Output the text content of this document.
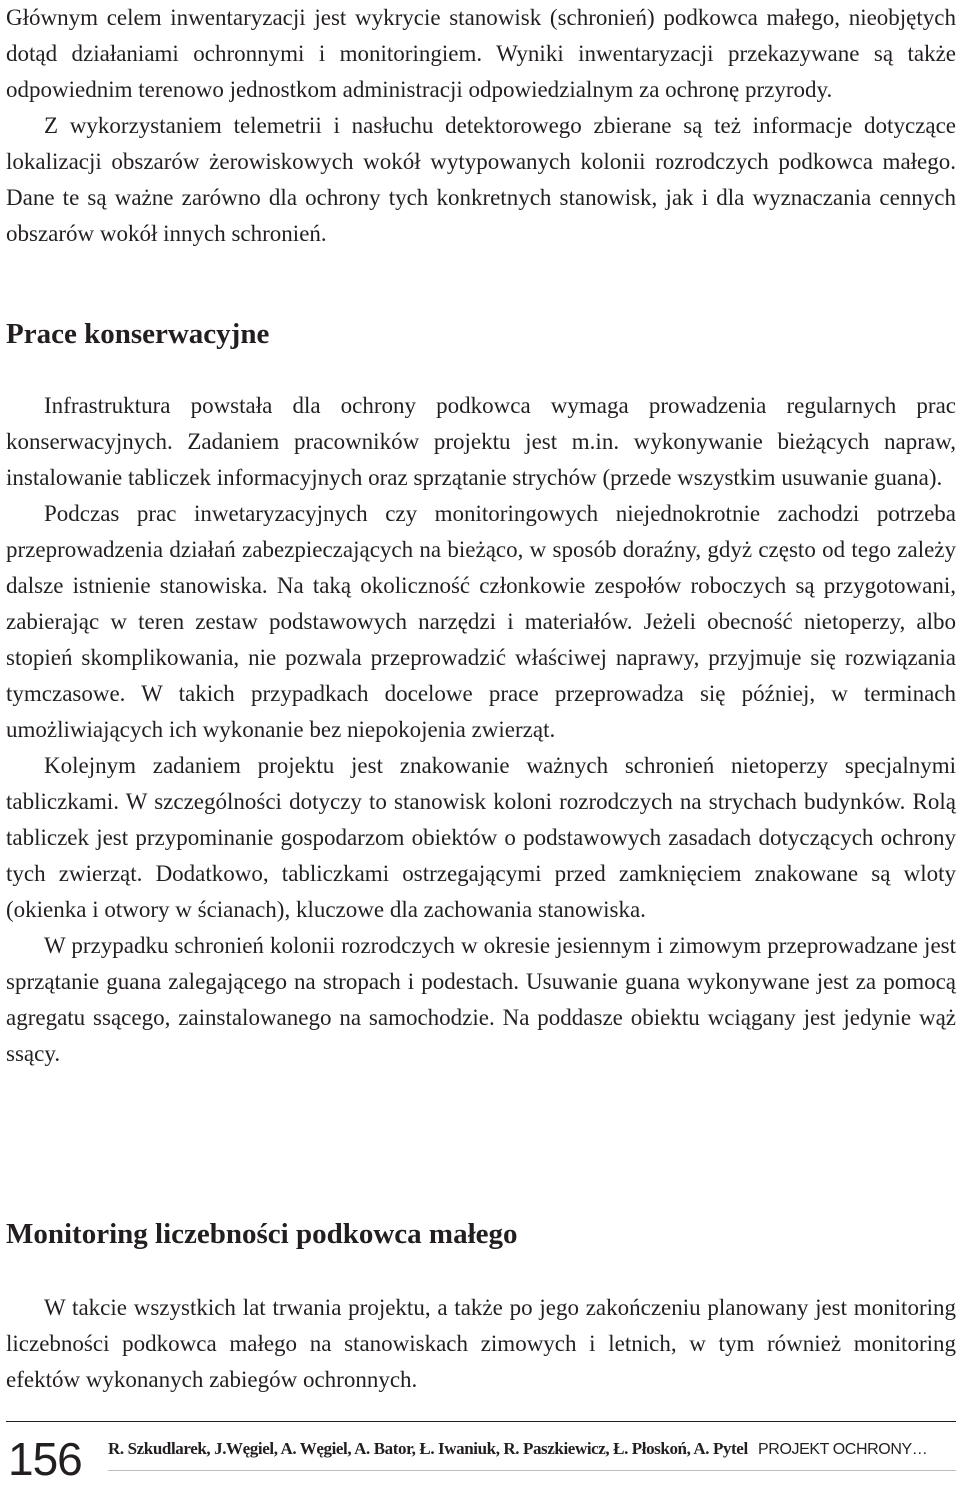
Głównym celem inwentaryzacji jest wykrycie stanowisk (schronień) podkowca małego, nieobjętych dotąd działaniami ochronnymi i monitoringiem. Wyniki inwentaryzacji przekazywane są także odpowiednim terenowo jednostkom administracji odpowiedzialnym za ochronę przyrody.

Z wykorzystaniem telemetrii i nasłuchu detektorowego zbierane są też informacje dotyczące lokalizacji obszarów żerowiskowych wokół wytypowanych kolonii rozrodczych podkowca małego. Dane te są ważne zarówno dla ochrony tych konkretnych stanowisk, jak i dla wyznaczania cennych obszarów wokół innych schronień.

Prace konserwacyjne

Infrastruktura powstała dla ochrony podkowca wymaga prowadzenia regularnych prac konserwacyjnych. Zadaniem pracowników projektu jest m.in. wykonywanie bieżących napraw, instalowanie tabliczek informacyjnych oraz sprzątanie strychów (przede wszystkim usuwanie guana).

Podczas prac inwetaryzacyjnych czy monitoringowych niejednokrotnie zachodzi potrzeba przeprowadzenia działań zabezpieczających na bieżąco, w sposób doraźny, gdyż często od tego zależy dalsze istnienie stanowiska. Na taką okoliczność członkowie zespołów roboczych są przygotowani, zabierając w teren zestaw podstawowych narzędzi i materiałów. Jeżeli obecność nietoperzy, albo stopień skomplikowania, nie pozwala przeprowadzić właściwej naprawy, przyjmuje się rozwiązania tymczasowe. W takich przypadkach docelowe prace przeprowadza się później, w terminach umożliwiających ich wykonanie bez niepokojenia zwierząt.

Kolejnym zadaniem projektu jest znakowanie ważnych schronień nietoperzy specjalnymi tabliczkami. W szczególności dotyczy to stanowisk koloni rozrodczych na strychach budynków. Rolą tabliczek jest przypominanie gospodarzom obiektów o podstawowych zasadach dotyczących ochrony tych zwierząt. Dodatkowo, tabliczkami ostrzegającymi przed zamknięciem znakowane są wloty (okienka i otwory w ścianach), kluczowe dla zachowania stanowiska.

W przypadku schronień kolonii rozrodczych w okresie jesiennym i zimowym przeprowadzane jest sprzątanie guana zalegającego na stropach i podestach. Usuwanie guana wykonywane jest za pomocą agregatu ssącego, zainstalowanego na samochodzie. Na poddasze obiektu wciągany jest jedynie wąż ssący.

Monitoring liczebności podkowca małego

W takcie wszystkich lat trwania projektu, a także po jego zakończeniu planowany jest monitoring liczebności podkowca małego na stanowiskach zimowych i letnich, w tym również monitoring efektów wykonanych zabiegów ochronnych.

156 R. Szkudlarek, J.Węgiel, A. Węgiel, A. Bator, Ł. Iwaniuk, R. Paszkiewicz, Ł. Płoskoń, A. Pytel PROJEKT OCHRONY…
